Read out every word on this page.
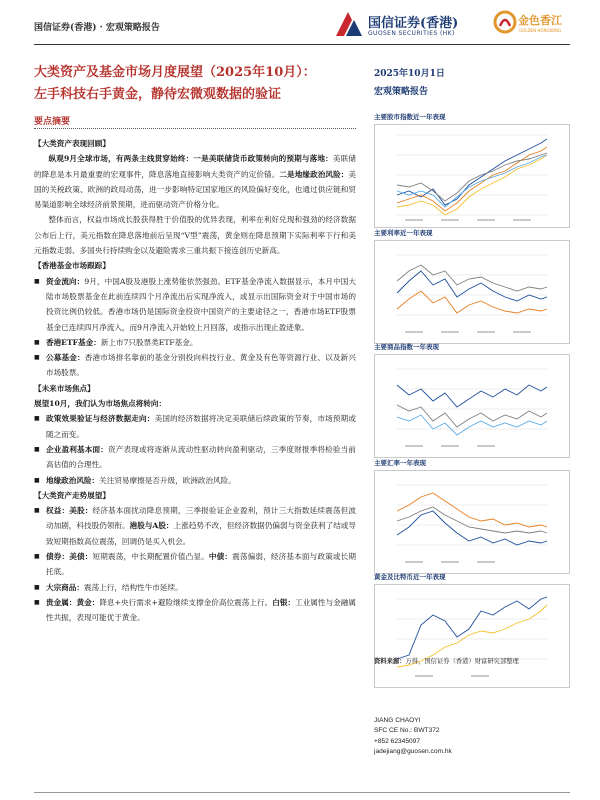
国信证券(香港) · 宏观策略报告	国信证券(香港)
GUOSEN SECURITIES (HK)
金色香江
GOLDEN HONGKONG
大类资产及基金市场月度展望（2025年10月）：
左手科技右手黄金，静待宏微观数据的验证
2025年10月1日
宏观策略报告
要点摘要

【大类资产表现回顾】

纵观9月全球市场，有两条主线贯穿始终：一是美联储货币政策转向的预期与落地：美联储的降息是本月最重要的宏观事件，降息落地直接影响大类资产的定价锚。二是地缘政治风险：美国的关税政策、欧洲的政局动荡，进一步影响特定国家地区的风险偏好变化，也通过供应链和贸易渠道影响全球经济前景预期，进而驱动资产价格分化。

整体而言，权益市场成长股获得胜于价值股的优异表现，利率在利好兑现和强劲的经济数据公布后上行，美元指数在降息落地前后呈现“V型”震荡，黄金则在降息预期下实际利率下行和美元指数走弱、多国央行持续购金以及避险需求三重共振下接连创历史新高。

【香港基金市场跟踪】

■ 资金流向：9月，中国A股及港股上涨势能依然强劲。ETF基金净流入数据显示，本月中国大陆市场股票基金在此前连续四个月净流出后实现净流入，或显示出国际资金对于中国市场的投资比例仍较低。香港市场仍是国际资金投资中国资产的主要途径之一，香港市场ETF股票基金已连续四月净流入，而9月净流入开始较上月回落，或指示出现止盈迹象。
■ 香港ETF基金：新上市7只股票类ETF基金。
■ 公募基金：香港市场排名靠前的基金分别投向科技行业、黄金及有色等资源行业、以及新兴市场股票。

【未来市场焦点】

展望10月，我们认为市场焦点将转向：

■ 政策效果验证与经济数据走向：美国的经济数据将决定美联储后续政策的节奏，市场预期或随之而变。
■ 企业盈利基本面：资产表现或将逐渐从流动性驱动转向盈利驱动，三季度财报季将检验当前高估值的合理性。
■ 地缘政治风险：关注贸易摩擦是否升级，欧洲政治风险。

【大类资产走势展望】

■ 权益：美股：经济基本面扰动降息预期，三季报验证企业盈利，预计三大指数延续震荡但波动加剧，科技股仍领衔。港股与A股：上涨趋势不改，但经济数据仍偏弱与资金获利了结或导致短期指数高位震荡，回调仍是买入机会。
■ 债券：美债：短期震荡，中长期配置价值凸显。中债：震荡偏弱，经济基本面与政策或长期托底。
■ 大宗商品：震荡上行，结构性牛市延续。
■ 贵金属：黄金：降息+央行需求+避险继续支撑金价高位震荡上行。白银：工业属性与金融属性共振，表现可能优于黄金。
主要股市指数近一年表现
主要利率近一年表现
主要商品指数一年表现
主要汇率一年表现
黄金及比特币近一年表现
资料来源：万得，国信证券（香港）财富研究部整理
JIANG CHAOYI
SFC CE No.: BWT372
+852 62345097
jadejiang@guosen.com.hk
